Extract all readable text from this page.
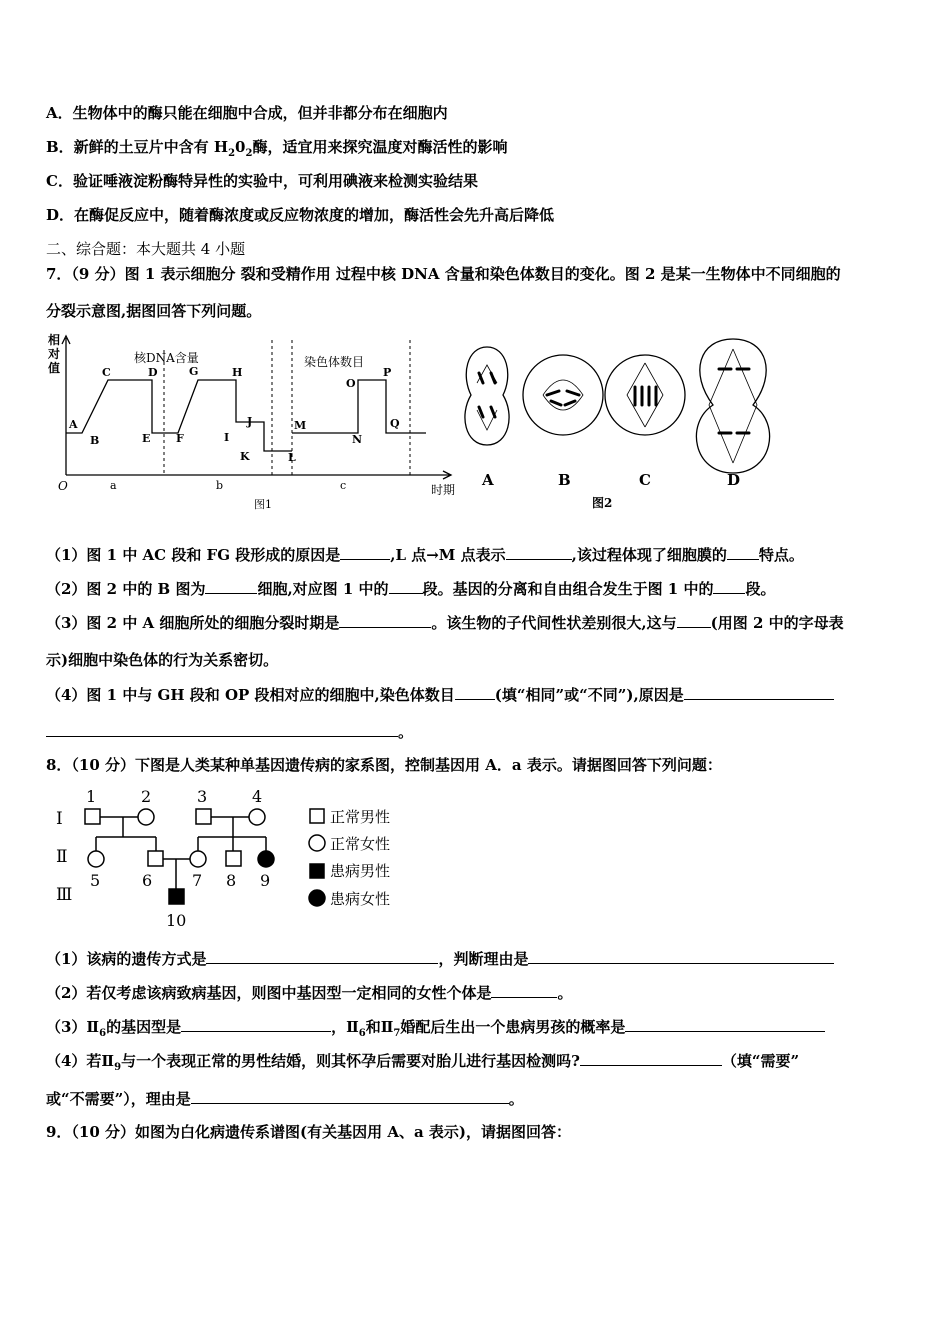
A．生物体中的酶只能在细胞中合成，但并非都分布在细胞内
B．新鲜的土豆片中含有 $H_20_2$酶，适宜用来探究温度对酶活性的影响
C．验证唾液淀粉酶特异性的实验中，可利用碘液来检测实验结果
D．在酶促反应中，随着酶浓度或反应物浓度的增加，酶活性会先升高后降低
二、综合题：本大题共 4 小题
7．（9 分）图 1 表示细胞分 裂和受精作用 过程中核 DNA 含量和染色体数目的变化。图 2 是某一生物体中不同细胞的
分裂示意图,据图回答下列问题。
相
对
值
O	时期
核DNA含量	染色体数目
A
B
C	D
E F
G	H
I
J
K	L
M
N
O
P
Q
a	b	c
图1
A	B	C	D
图2
（1）图 1 中 AC 段和 FG 段形成的原因是	,L 点→M 点表示	,该过程体现了细胞膜的 特点。
（2）图 2 中的 B 图为	细胞,对应图 1 中的 段。基因的分离和自由组合发生于图 1 中的 段。
（3）图 2 中 A 细胞所处的细胞分裂时期是	。该生物的子代间性状差别很大,这与 (用图 2 中的字母表
示)细胞中染色体的行为关系密切。
（4）图 1 中与 GH 段和 OP 段相对应的细胞中,染色体数目	(填“相同”或“不同”),原因是
。
8．（10 分）下图是人类某种单基因遗传病的家系图，控制基因用 A．a 表示。请据图回答下列问题：
Ⅰ
Ⅱ
Ⅲ
1	2	3	4
5	6 7 8 9
10
正常男性
正常女性
患病男性
患病女性
（1）该病的遗传方式是	，判断理由是
（2）若仅考虑该病致病基因，则图中基因型一定相同的女性个体是	。
$(3)Ⅱ_6$的基因型是	，$Ⅱ_6$和$Ⅱ_7$婚配后生出一个患病男孩的概率是
（4）若$Ⅱ_9$与一个表现正常的男性结婚，则其怀孕后需要对胎儿进行基因检测吗?	（填“需要”
或“不需要”），理由是	。
9．（10 分）如图为白化病遗传系谱图(有关基因用 A、a 表示)，请据图回答：
